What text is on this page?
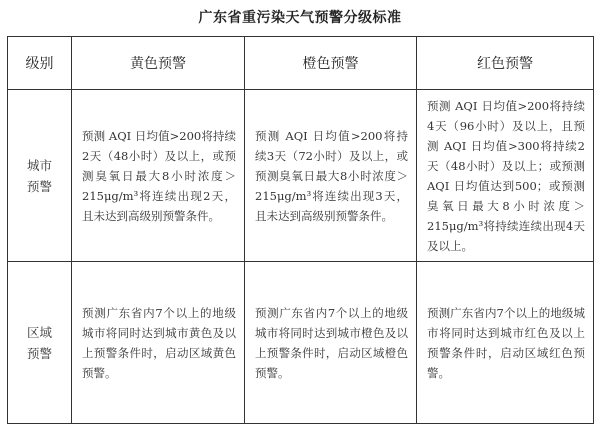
广东省重污染天气预警分级标准
级别	黄色预警	橙色预警	红色预警

城市
预警	预测 AQI 日均值>200将持续2天（48小时）及以上，或预测臭氧日最大8小时浓度＞215μg/m³将连续出现2天，且未达到高级别预警条件。	预测 AQI 日均值>200将持续3天（72小时）及以上，或预测臭氧日最大8小时浓度＞215μg/m³将连续出现3天，且未达到高级别预警条件。	预测 AQI 日均值>200将持续4天（96小时）及以上，且预测 AQI 日均值>300将持续2天（48小时）及以上；或预测 AQI 日均值达到500；或预测臭氧日最大8小时浓度＞215μg/m³将持续连续出现4天及以上。

区域
预警	预测广东省内7个以上的地级城市将同时达到城市黄色及以上预警条件时，启动区域黄色预警。	预测广东省内7个以上的地级城市将同时达到城市橙色及以上预警条件时，启动区域橙色预警。	预测广东省内7个以上的地级城市将同时达到城市红色及以上预警条件时，启动区域红色预警。
